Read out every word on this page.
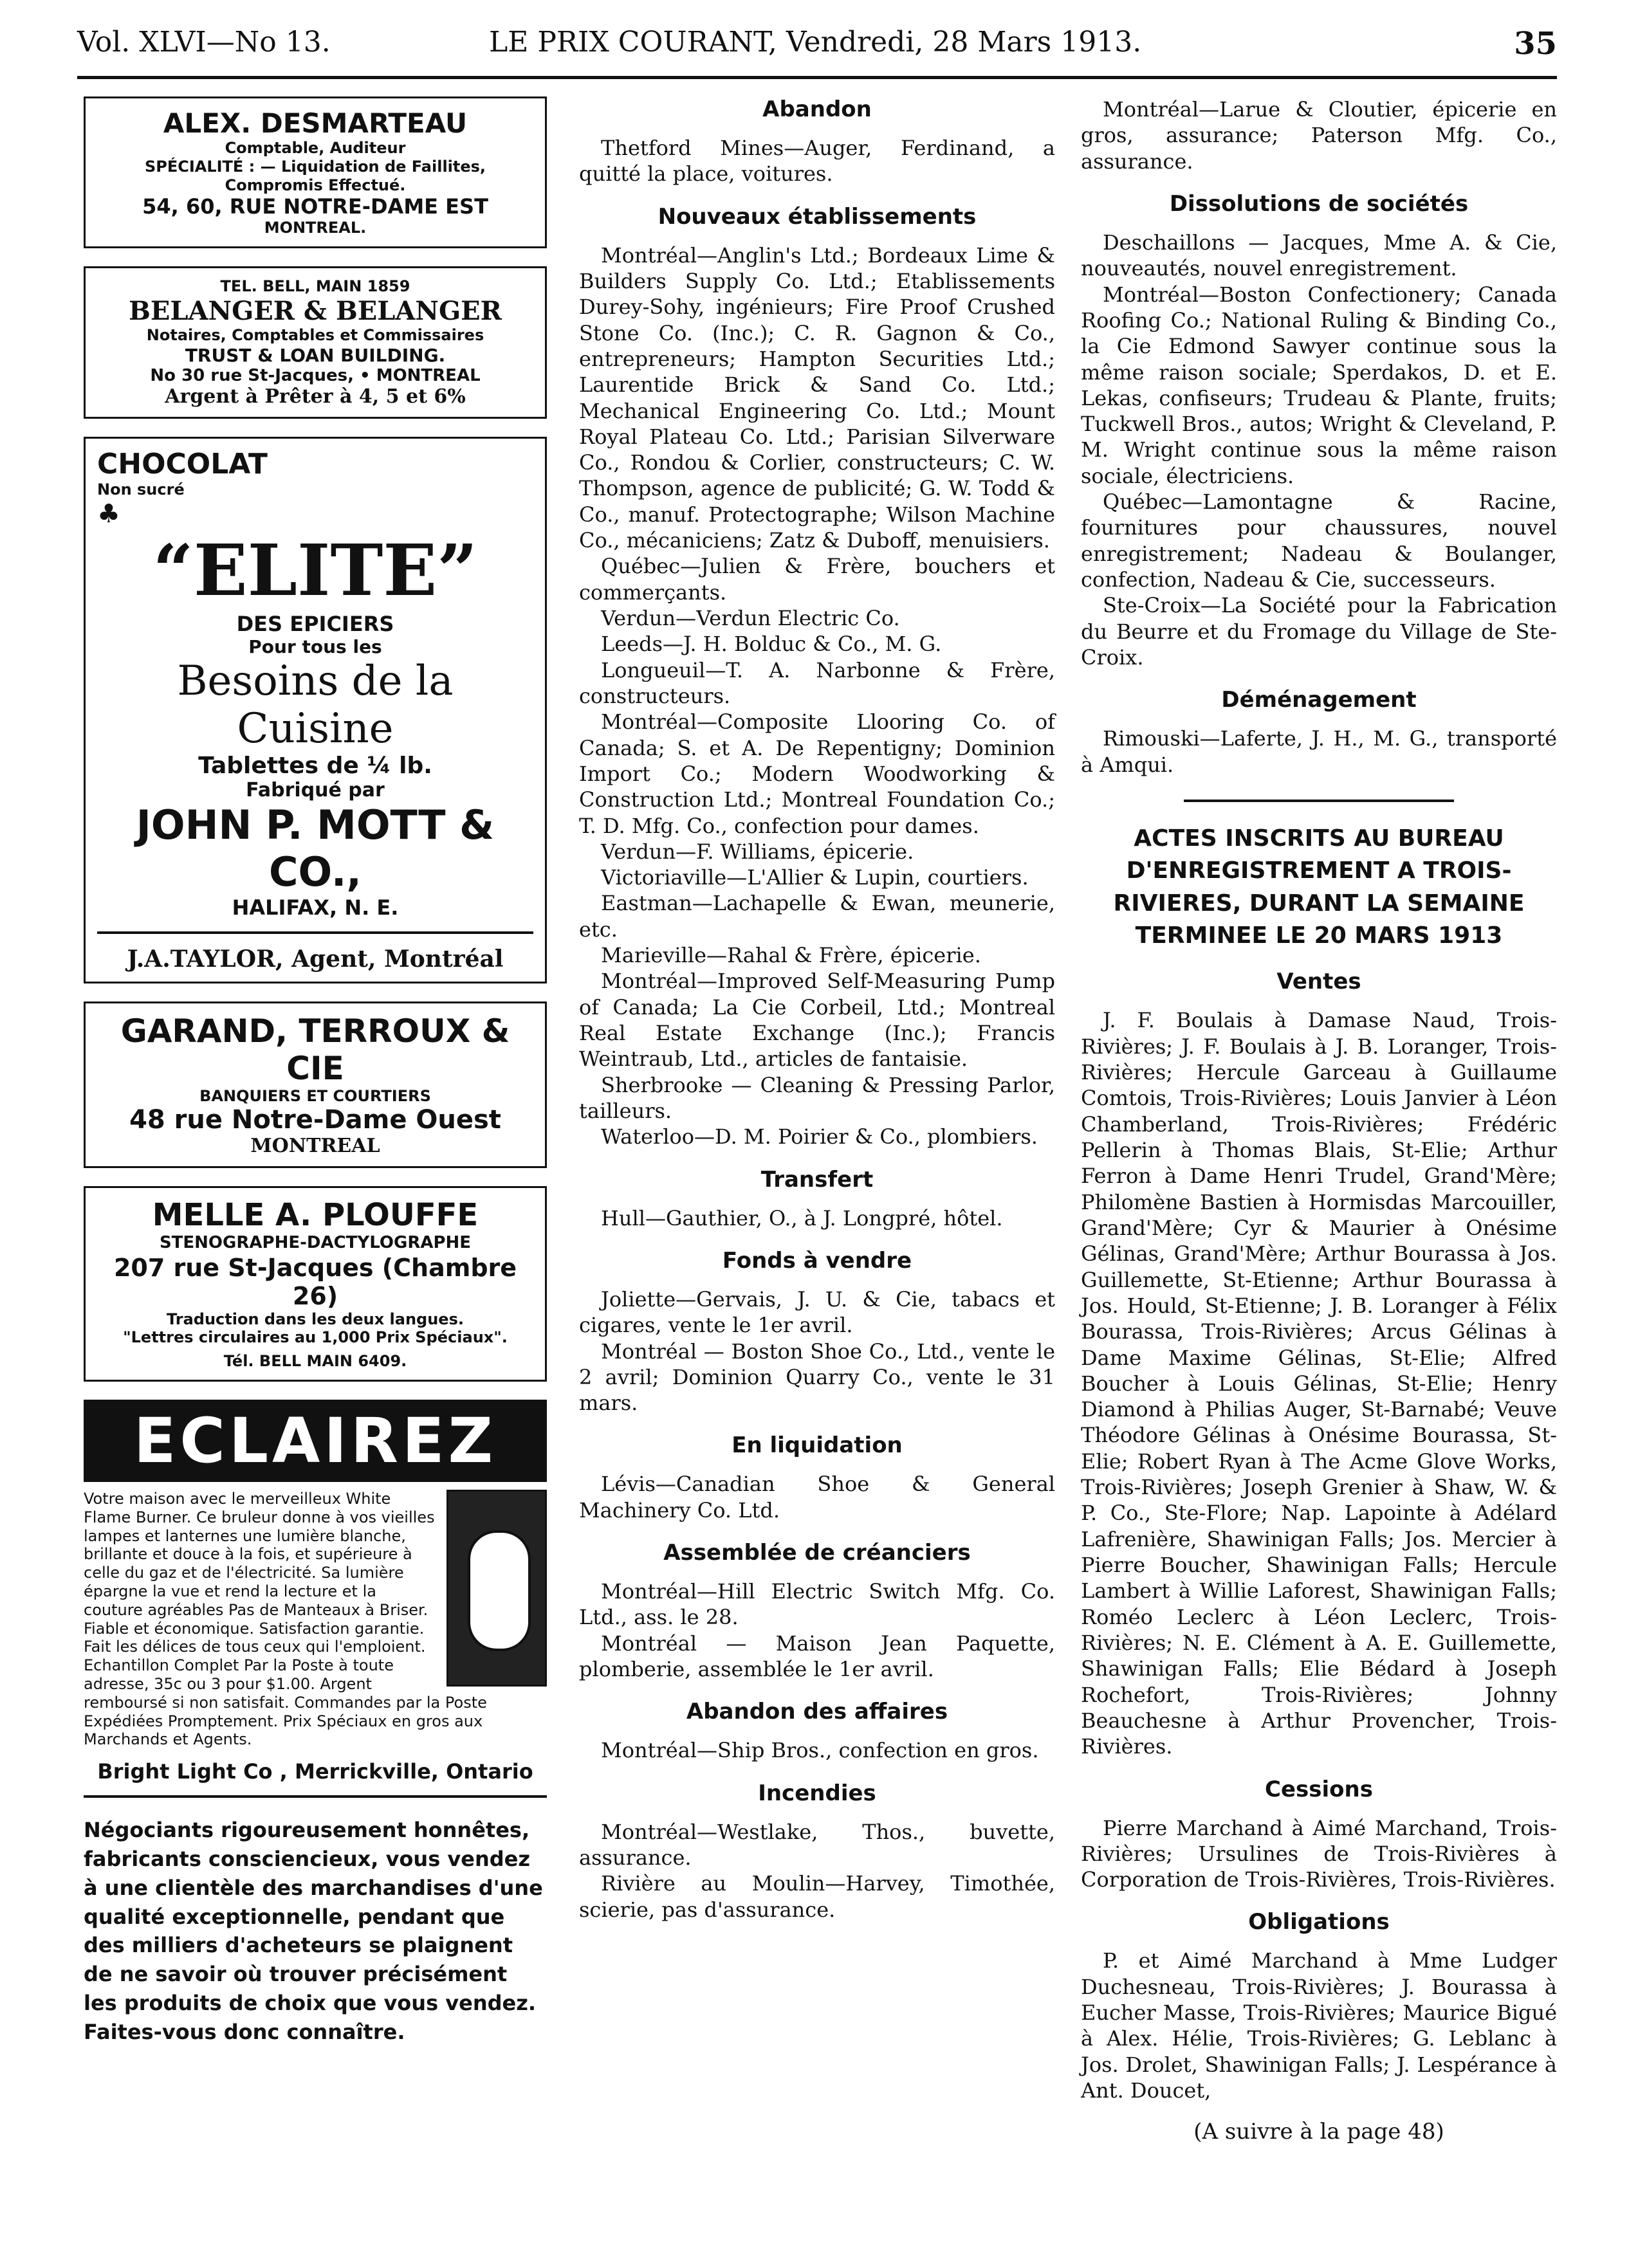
Vol. XLVI—No 13.	LE PRIX COURANT, Vendredi, 28 Mars 1913.	35
ALEX. DESMARTEAU
Comptable, Auditeur
SPÉCIALITÉ : — Liquidation de Faillites, Compromis Effectué.
54, 60, RUE NOTRE-DAME EST
MONTREAL.
TEL. BELL, MAIN 1859
BELANGER & BELANGER
Notaires, Comptables et Commissaires
TRUST & LOAN BUILDING.
No 30 rue St-Jacques, • MONTREAL
Argent à Prêter à 4, 5 et 6%
CHOCOLAT
Non sucré
♣
“ELITE”
DES EPICIERS
Pour tous les
Besoins de la Cuisine
Tablettes de ¼ lb.
Fabriqué par
JOHN P. MOTT & CO.,
HALIFAX, N. E.
J.A.TAYLOR, Agent, Montréal
GARAND, TERROUX & CIE
BANQUIERS ET COURTIERS
48 rue Notre-Dame Ouest
MONTREAL
MELLE A. PLOUFFE
STENOGRAPHE-DACTYLOGRAPHE
207 rue St-Jacques (Chambre 26)
Traduction dans les deux langues.
"Lettres circulaires au 1,000 Prix Spéciaux".
Tél. BELL MAIN 6409.
ECLAIREZ
Votre maison avec le merveilleux White Flame Burner. Ce bruleur donne à vos vieilles lampes et lanternes une lumière blanche, brillante et douce à la fois, et supérieure à celle du gaz et de l'électricité. Sa lumière épargne la vue et rend la lecture et la couture agréables Pas de Manteaux à Briser. Fiable et économique. Satisfaction garantie. Fait les délices de tous ceux qui l'emploient. Echantillon Complet Par la Poste à toute adresse, 35c ou 3 pour $1.00. Argent remboursé si non satisfait. Commandes par la Poste Expédiées Promptement. Prix Spéciaux en gros aux Marchands et Agents.
Bright Light Co , Merrickville, Ontario
Négociants rigoureusement honnêtes, fabricants consciencieux, vous vendez à une clientèle des marchandises d'une qualité exceptionnelle, pendant que des milliers d'acheteurs se plaignent de ne savoir où trouver précisément les produits de choix que vous vendez. Faites-vous donc connaître.
Abandon

Thetford Mines—Auger, Ferdinand, a quitté la place, voitures.

Nouveaux établissements

Montréal—Anglin's Ltd.; Bordeaux Lime & Builders Supply Co. Ltd.; Etablissements Durey-Sohy, ingénieurs; Fire Proof Crushed Stone Co. (Inc.); C. R. Gagnon & Co., entrepreneurs; Hampton Securities Ltd.; Laurentide Brick & Sand Co. Ltd.; Mechanical Engineering Co. Ltd.; Mount Royal Plateau Co. Ltd.; Parisian Silverware Co., Rondou & Corlier, constructeurs; C. W. Thompson, agence de publicité; G. W. Todd & Co., manuf. Protectographe; Wilson Machine Co., mécaniciens; Zatz & Duboff, menuisiers.

Québec—Julien & Frère, bouchers et commerçants.

Verdun—Verdun Electric Co.

Leeds—J. H. Bolduc & Co., M. G.

Longueuil—T. A. Narbonne & Frère, constructeurs.

Montréal—Composite Llooring Co. of Canada; S. et A. De Repentigny; Dominion Import Co.; Modern Woodworking & Construction Ltd.; Montreal Foundation Co.; T. D. Mfg. Co., confection pour dames.

Verdun—F. Williams, épicerie.

Victoriaville—L'Allier & Lupin, courtiers.

Eastman—Lachapelle & Ewan, meunerie, etc.

Marieville—Rahal & Frère, épicerie.

Montréal—Improved Self-Measuring Pump of Canada; La Cie Corbeil, Ltd.; Montreal Real Estate Exchange (Inc.); Francis Weintraub, Ltd., articles de fantaisie.

Sherbrooke — Cleaning & Pressing Parlor, tailleurs.

Waterloo—D. M. Poirier & Co., plombiers.

Transfert

Hull—Gauthier, O., à J. Longpré, hôtel.

Fonds à vendre

Joliette—Gervais, J. U. & Cie, tabacs et cigares, vente le 1er avril.

Montréal — Boston Shoe Co., Ltd., vente le 2 avril; Dominion Quarry Co., vente le 31 mars.

En liquidation

Lévis—Canadian Shoe & General Machinery Co. Ltd.

Assemblée de créanciers

Montréal—Hill Electric Switch Mfg. Co. Ltd., ass. le 28.

Montréal — Maison Jean Paquette, plomberie, assemblée le 1er avril.

Abandon des affaires

Montréal—Ship Bros., confection en gros.

Incendies

Montréal—Westlake, Thos., buvette, assurance.

Rivière au Moulin—Harvey, Timothée, scierie, pas d'assurance.

Montréal—Larue & Cloutier, épicerie en gros, assurance; Paterson Mfg. Co., assurance.

Dissolutions de sociétés

Deschaillons — Jacques, Mme A. & Cie, nouveautés, nouvel enregistrement.

Montréal—Boston Confectionery; Canada Roofing Co.; National Ruling & Binding Co., la Cie Edmond Sawyer continue sous la même raison sociale; Sperdakos, D. et E. Lekas, confiseurs; Trudeau & Plante, fruits; Tuckwell Bros., autos; Wright & Cleveland, P. M. Wright continue sous la même raison sociale, électriciens.

Québec—Lamontagne & Racine, fournitures pour chaussures, nouvel enregistrement; Nadeau & Boulanger, confection, Nadeau & Cie, successeurs.

Ste-Croix—La Société pour la Fabrication du Beurre et du Fromage du Village de Ste-Croix.

Déménagement

Rimouski—Laferte, J. H., M. G., transporté à Amqui.

ACTES INSCRITS AU BUREAU D'ENREGISTREMENT A TROIS-RIVIERES, DURANT LA SEMAINE TERMINEE LE 20 MARS 1913
Ventes

J. F. Boulais à Damase Naud, Trois-Rivières; J. F. Boulais à J. B. Loranger, Trois-Rivières; Hercule Garceau à Guillaume Comtois, Trois-Rivières; Louis Janvier à Léon Chamberland, Trois-Rivières; Frédéric Pellerin à Thomas Blais, St-Elie; Arthur Ferron à Dame Henri Trudel, Grand'Mère; Philomène Bastien à Hormisdas Marcouiller, Grand'Mère; Cyr & Maurier à Onésime Gélinas, Grand'Mère; Arthur Bourassa à Jos. Guillemette, St-Etienne; Arthur Bourassa à Jos. Hould, St-Etienne; J. B. Loranger à Félix Bourassa, Trois-Rivières; Arcus Gélinas à Dame Maxime Gélinas, St-Elie; Alfred Boucher à Louis Gélinas, St-Elie; Henry Diamond à Philias Auger, St-Barnabé; Veuve Théodore Gélinas à Onésime Bourassa, St-Elie; Robert Ryan à The Acme Glove Works, Trois-Rivières; Joseph Grenier à Shaw, W. & P. Co., Ste-Flore; Nap. Lapointe à Adélard Lafrenière, Shawinigan Falls; Jos. Mercier à Pierre Boucher, Shawinigan Falls; Hercule Lambert à Willie Laforest, Shawinigan Falls; Roméo Leclerc à Léon Leclerc, Trois-Rivières; N. E. Clément à A. E. Guillemette, Shawinigan Falls; Elie Bédard à Joseph Rochefort, Trois-Rivières; Johnny Beauchesne à Arthur Provencher, Trois-Rivières.

Cessions

Pierre Marchand à Aimé Marchand, Trois-Rivières; Ursulines de Trois-Rivières à Corporation de Trois-Rivières, Trois-Rivières.

Obligations

P. et Aimé Marchand à Mme Ludger Duchesneau, Trois-Rivières; J. Bourassa à Eucher Masse, Trois-Rivières; Maurice Bigué à Alex. Hélie, Trois-Rivières; G. Leblanc à Jos. Drolet, Shawinigan Falls; J. Lespérance à Ant. Doucet,

(A suivre à la page 48)
